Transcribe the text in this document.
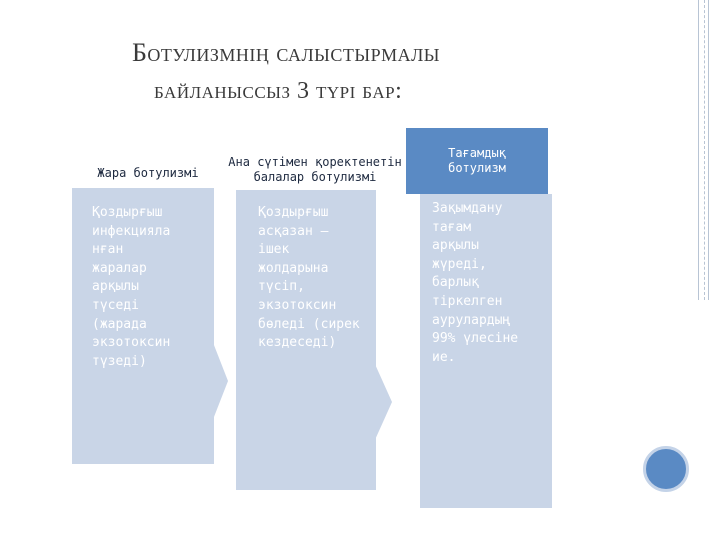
Ботулизмнің салыстырмалы
байланыссыз 3 түрі бар:
Жара ботулизмі
Қоздырғыш
инфекцияла
нған
жаралар
арқылы
түседі
(жарада
экзотоксин
түзеді)
Ана сүтімен қоректенетін
балалар ботулизмі
Қоздырғыш
асқазан –
ішек
жолдарына
түсіп,
экзотоксин
бөледі (сирек
кездеседі)
Тағамдық
ботулизм
Зақымдану
тағам
арқылы
жүреді,
барлық
тіркелген
аурулардың
99% үлесіне
ие.
